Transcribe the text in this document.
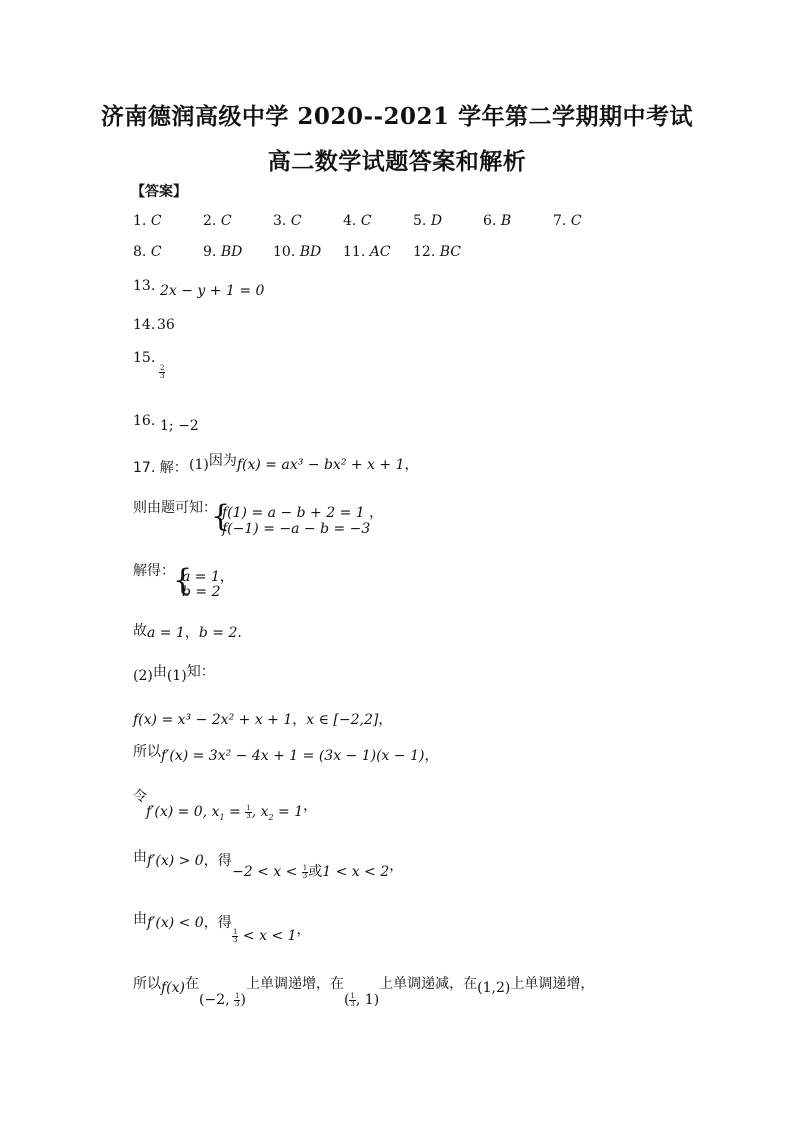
济南德润高级中学 2020--2021 学年第二学期期中考试
高二数学试题答案和解析
【答案】
1. C	2. C	3. C	4. C	5. D	6. B	7. C
8. C	9. BD 10. BD 11. AC 12. BC
13. 2x − y + 1 = 0
14. 36
15.
$\frac{2}{3}$
16. 1; −2
17. 解： (1)因为f(x) = ax³ − bx² + x + 1，
则由题可知：
{
f(1) = a − b + 2 = 1 ，
f(−1) = −a − b = −3
解得：
{
a = 1，
b = 2
故a = 1，b = 2．
(2)由(1)知：
f(x) = x³ − 2x² + x + 1，x ∈ [−2,2]，
所以f′(x) = 3x² − 4x + 1 = (3x − 1)(x − 1)，
令
f′(x) = 0, $x_1 = \frac{1}{3}$ , $x_2 = 1$，
由f′(x) > 0，得
$-2 < x < \frac{1}{3}$ 或1 < x < 2，
由f′(x) < 0，得
$\frac{1}{3} < x < 1$，
所以f(x)在(−2, $\frac{1}{3}$ )上单调递增，在( $\frac{1}{3}$ , 1)上单调递减，在(1,2)上单调递增，
